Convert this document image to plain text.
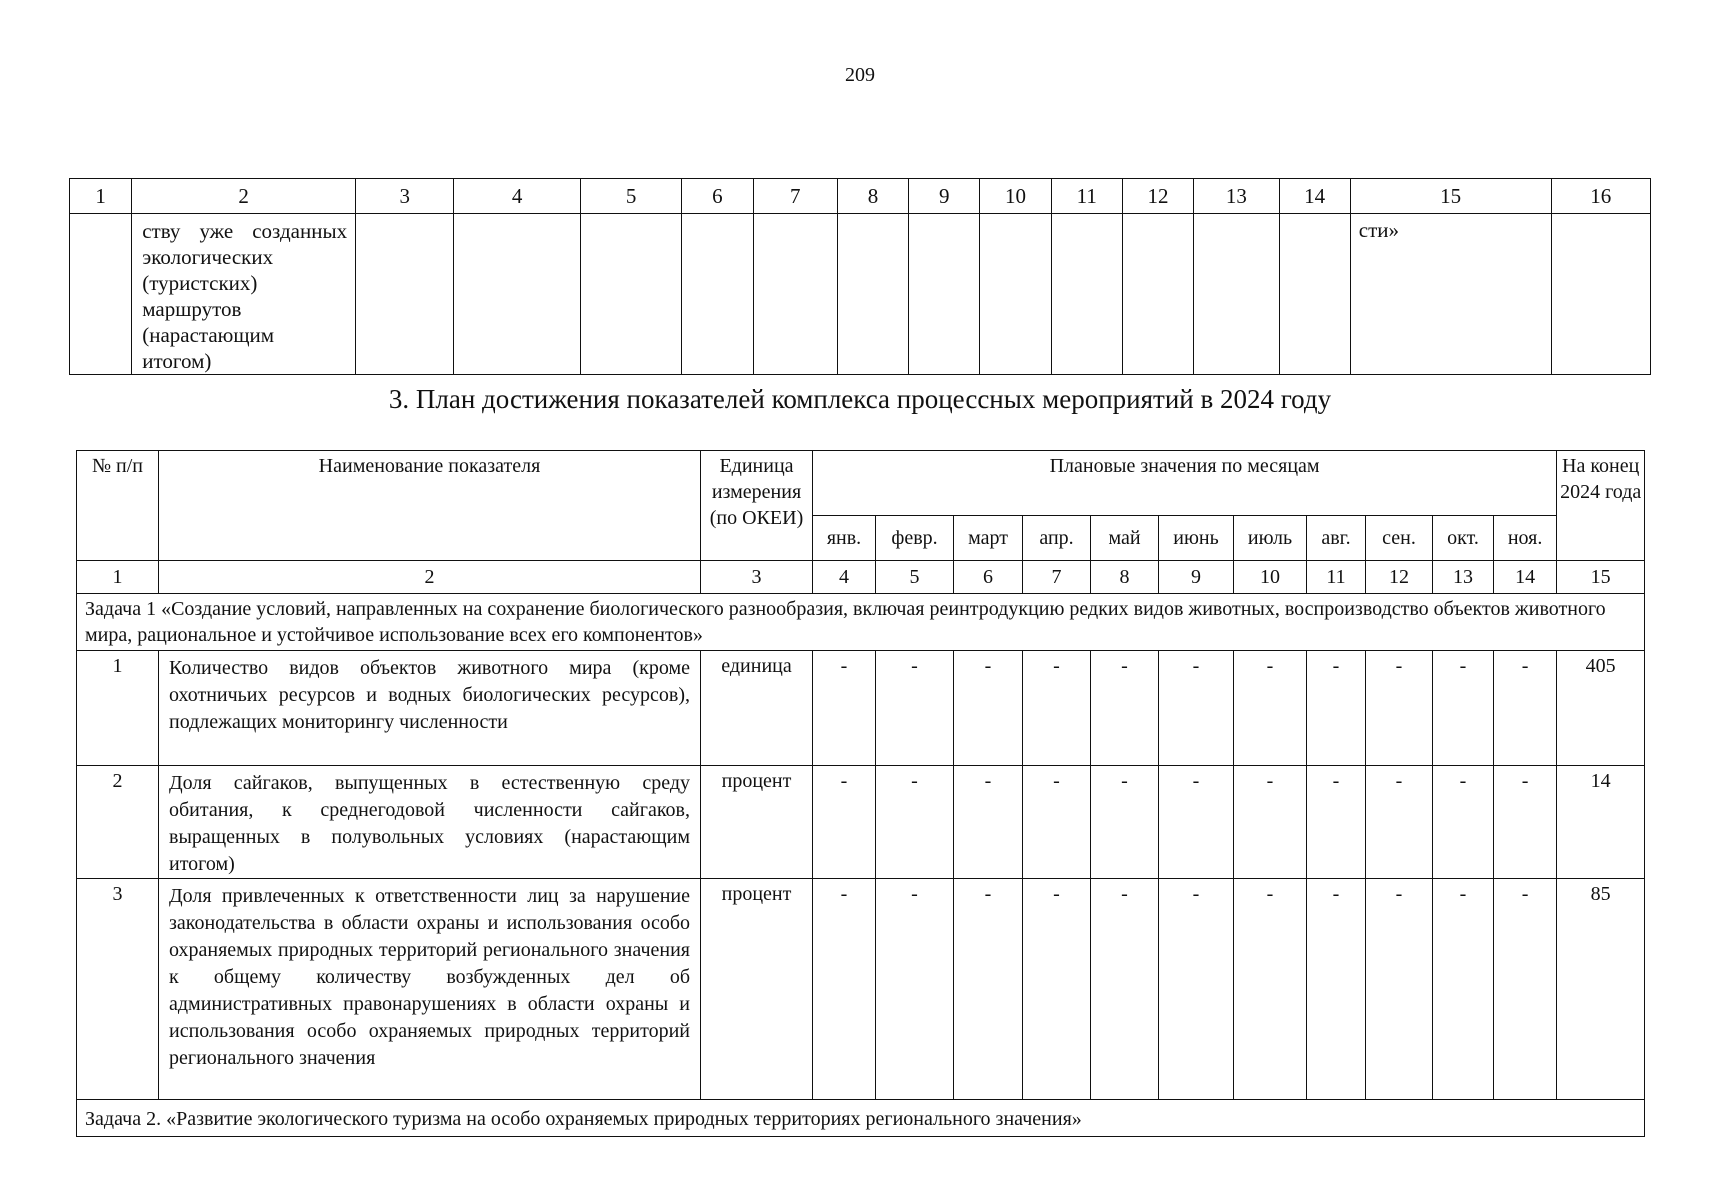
209
1	2	3	4	5	6	7	8	9	10	11	12	13	14	15	16

	ству уже созданных экологических (туристских) маршрутов (нарастающим итогом)													сти»	

3. План достижения показателей комплекса процессных мероприятий в 2024 году
№ п/п	Наименование показателя	Единица измерения (по ОКЕИ)	Плановые значения по месяцам											На конец 2024 года

			янв.	февр.	март	апр.	май	июнь	июль	авг.	сен.	окт.	ноя.	
1	2	3	4	5	6	7	8	9	10	11	12	13	14	15
Задача 1 «Создание условий, направленных на сохранение биологического разнообразия, включая реинтродукцию редких видов животных, воспроизводство объектов животного мира, рациональное и устойчивое использование всех его компонентов»														
1	Количество видов объектов животного мира (кроме охотничьих ресурсов и водных биологических ресурсов), подлежащих мониторингу численности	единица	-	-	-	-	-	-	-	-	-	-	-	405
2	Доля сайгаков, выпущенных в естественную среду обитания, к среднегодовой численности сайгаков, выращенных в полувольных условиях (нарастающим итогом)	процент	-	-	-	-	-	-	-	-	-	-	-	14
3	Доля привлеченных к ответственности лиц за нарушение законодательства в области охраны и использования особо охраняемых природных территорий регионального значения к общему количеству возбужденных дел об административных правонарушениях в области охраны и использования особо охраняемых природных территорий регионального значения	процент	-	-	-	-	-	-	-	-	-	-	-	85
Задача 2. «Развитие экологического туризма на особо охраняемых природных территориях регионального значения»														
